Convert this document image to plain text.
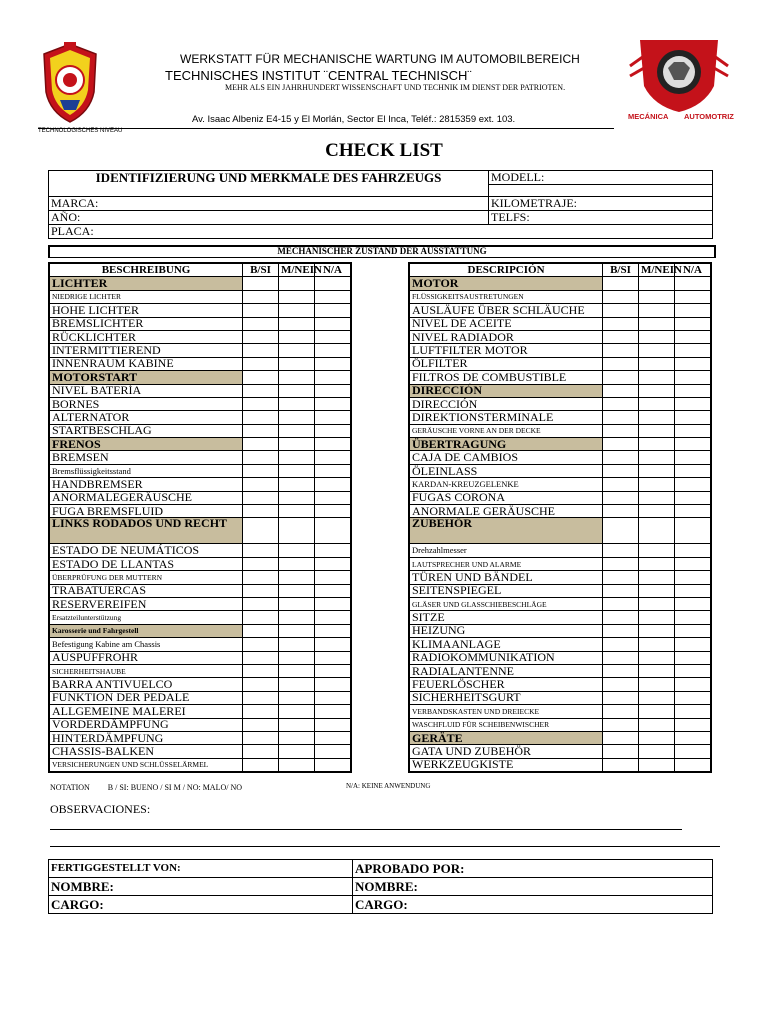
MECÁNICA AUTOMOTRIZ
WERKSTATT FÜR MECHANISCHE WARTUNG IM AUTOMOBILBEREICH
TECHNISCHES INSTITUT ¨CENTRAL TECHNISCH¨
MEHR ALS EIN JAHRHUNDERT WISSENSCHAFT UND TECHNIK IM DIENST DER PATRIOTEN.
Av. Isaac Albeniz E4-15 y El Morlán, Sector El Inca, Teléf.: 2815359 ext. 103.
TECHNOLOGISCHES NIVEAU
CHECK LIST
IDENTIFIZIERUNG UND MERKMALE DES FAHRZEUGS	MODELL:

MARCA:	KILOMETRAJE:
AÑO:	TELFS:
PLACA:	
MECHANISCHER ZUSTAND DER AUSSTATTUNG
BESCHREIBUNG	B/SI	M/NEIN	N/A
LICHTER			
NIEDRIGE LICHTER			
HOHE LICHTER			
BREMSLICHTER			
RÜCKLICHTER			
INTERMITTIEREND			
INNENRAUM KABINE			
MOTORSTART			
NIVEL BATERÍA			
BORNES			
ALTERNATOR			
STARTBESCHLAG			
FRENOS			
BREMSEN			
Bremsflüssigkeitsstand			
HANDBREMSER			
ANORMALEGERÄUSCHE			
FUGA BREMSFLUID			
LINKS RODADOS UND RECHT			
ESTADO DE NEUMÁTICOS			
ESTADO DE LLANTAS			
ÜBERPRÜFUNG DER MUTTERN			
TRABATUERCAS			
RESERVEREIFEN			
Ersatzteilunterstützung			
Karosserie und Fahrgestell			
Befestigung Kabine am Chassis			
AUSPUFFROHR			
SICHERHEITSHAUBE			
BARRA ANTIVUELCO			
FUNKTION DER PEDALE			
ALLGEMEINE MALEREI			
VORDERDÄMPFUNG			
HINTERDÄMPFUNG			
CHASSIS-BALKEN			
VERSICHERUNGEN UND SCHLÜSSELÄRMEL			
DESCRIPCIÓN	B/SI	M/NEIN	N/A
MOTOR			
FLÜSSIGKEITSAUSTRETUNGEN			
AUSLÄUFE ÜBER SCHLÄUCHE			
NIVEL DE ACEITE			
NIVEL RADIADOR			
LUFTFILTER MOTOR			
ÖLFILTER			
FILTROS DE COMBUSTIBLE			
DIRECCIÓN			
DIRECCIÓN			
DIREKTIONSTERMINALE			
GERÄUSCHE VORNE AN DER DECKE			
ÜBERTRAGUNG			
CAJA DE CAMBIOS			
ÖLEINLASS			
KARDAN-KREUZGELENKE			
FUGAS CORONA			
ANORMALE GERÄUSCHE			
ZUBEHÖR			
Drehzahlmesser			
LAUTSPRECHER UND ALARME			
TÜREN UND BÄNDEL			
SEITENSPIEGEL			
GLÄSER UND GLASSCHIEBESCHLÄGE			
SITZE			
HEIZUNG			
KLIMAANLAGE			
RADIOKOMMUNIKATION			
RADIALANTENNE			
FEUERLÖSCHER			
SICHERHEITSGURT			
VERBANDSKASTEN UND DREIECKE			
WASCHFLUID FÜR SCHEIBENWISCHER			
GERÄTE			
GATA UND ZUBEHÖR			
WERKZEUGKISTE			
NOTATION         B / SI: BUENO / SI M / NO: MALO/ NO	N/A: KEINE ANWENDUNG
OBSERVACIONES:
FERTIGGESTELLT VON:	APROBADO POR:
NOMBRE:	NOMBRE:
CARGO:	CARGO:
